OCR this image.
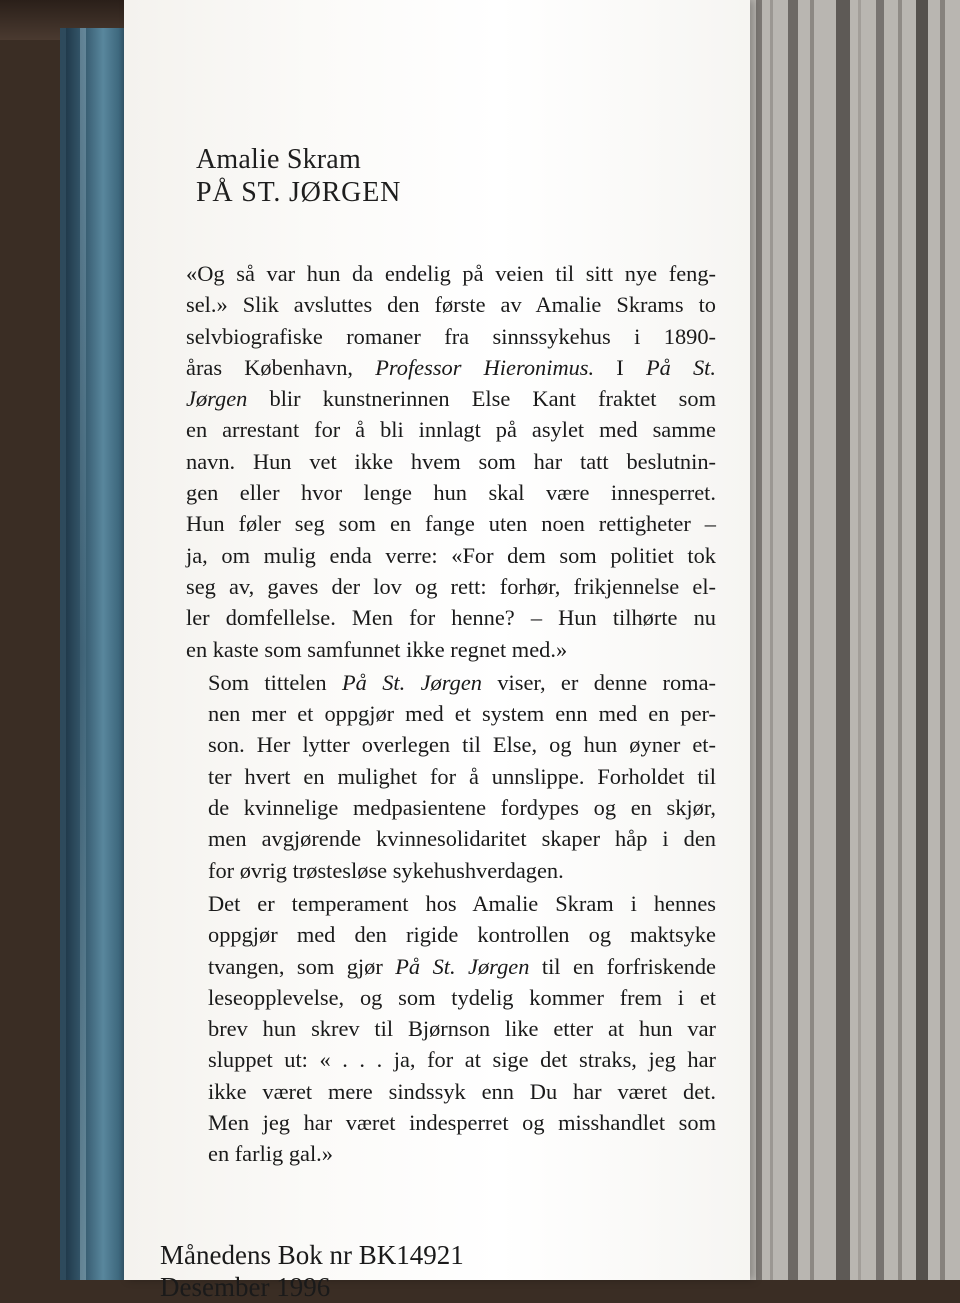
Amalie Skram
PÅ ST. JØRGEN

«Og så var hun da endelig på veien til sitt nye feng-
sel.» Slik avsluttes den første av Amalie Skrams to
selvbiografiske romaner fra sinnssykehus i 1890-
åras København, Professor Hieronimus. I På St.
Jørgen blir kunstnerinnen Else Kant fraktet som
en arrestant for å bli innlagt på asylet med samme
navn. Hun vet ikke hvem som har tatt beslutnin-
gen eller hvor lenge hun skal være innesperret.
Hun føler seg som en fange uten noen rettigheter –
ja, om mulig enda verre: «For dem som politiet tok
seg av, gaves der lov og rett: forhør, frikjennelse el-
ler domfellelse. Men for henne? – Hun tilhørte nu
en kaste som samfunnet ikke regnet med.»

Som tittelen På St. Jørgen viser, er denne roma-
nen mer et oppgjør med et system enn med en per-
son. Her lytter overlegen til Else, og hun øyner et-
ter hvert en mulighet for å unnslippe. Forholdet til
de kvinnelige medpasientene fordypes og en skjør,
men avgjørende kvinnesolidaritet skaper håp i den
for øvrig trøstesløse sykehushverdagen.

Det er temperament hos Amalie Skram i hennes
oppgjør med den rigide kontrollen og maktsyke
tvangen, som gjør På St. Jørgen til en forfriskende
leseopplevelse, og som tydelig kommer frem i et
brev hun skrev til Bjørnson like etter at hun var
sluppet ut: « . . . ja, for at sige det straks, jeg har
ikke været mere sindssyk enn Du har været det.
Men jeg har været indesperret og misshandlet som
en farlig gal.»

Månedens Bok nr BK14921
Desember 1996
